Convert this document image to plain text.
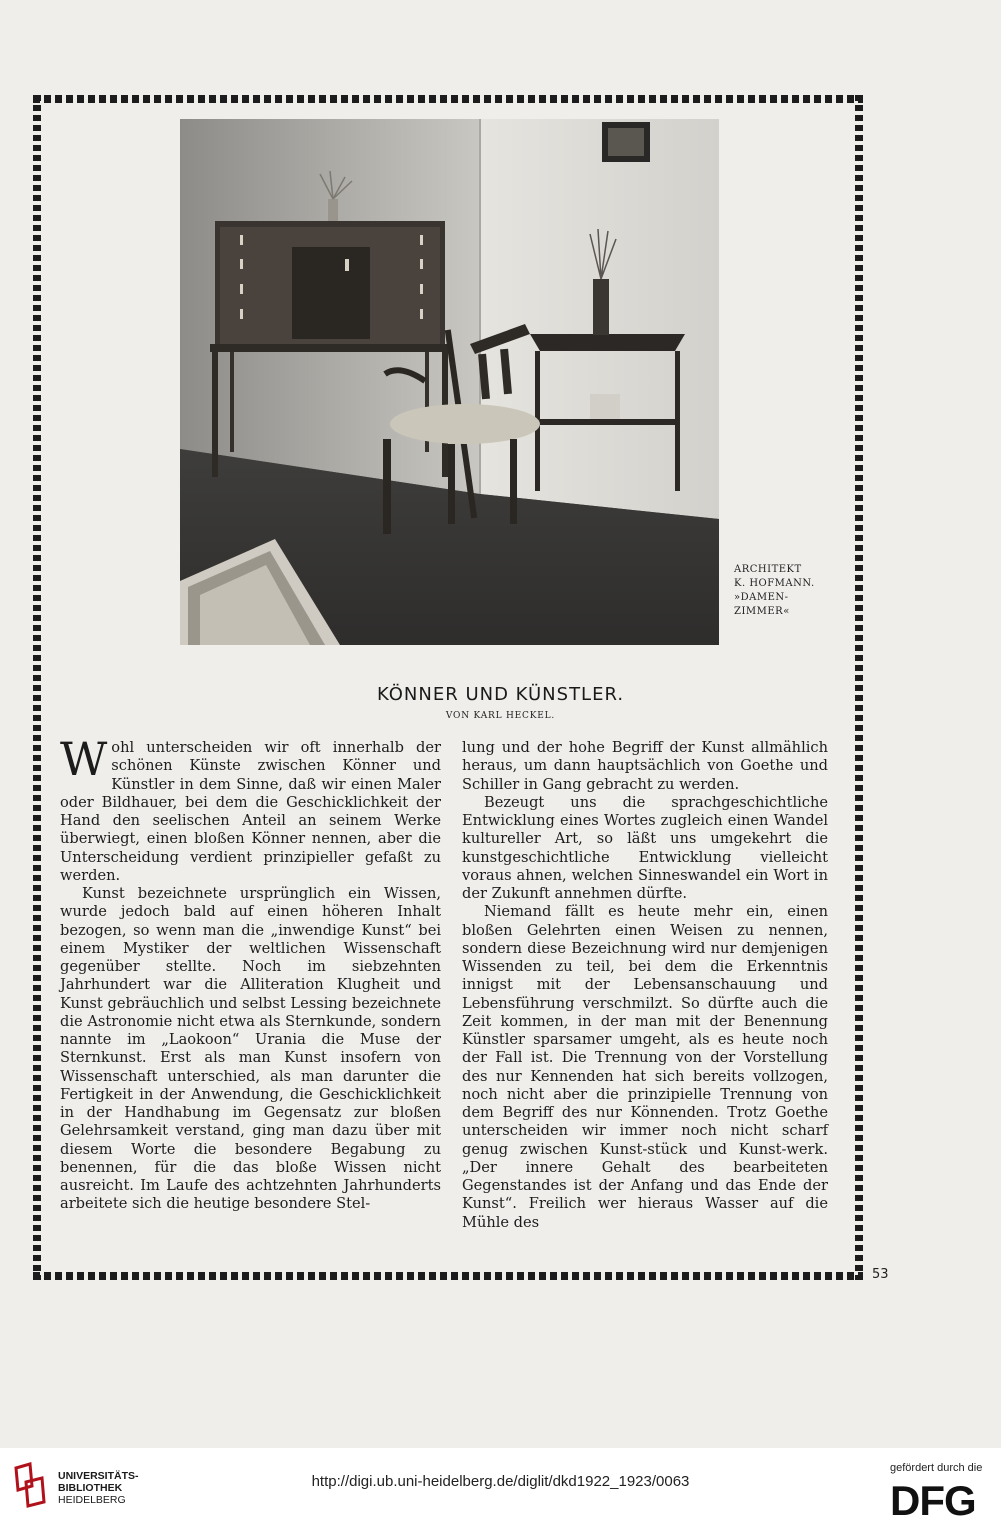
ARCHITEKT
K. HOFMANN.
»DAMEN-
ZIMMER«
KÖNNER UND KÜNSTLER.
VON KARL HECKEL.

Wohl unterscheiden wir oft innerhalb der schönen Künste zwischen Könner und Künstler in dem Sinne, daß wir einen Maler oder Bildhauer, bei dem die Geschicklichkeit der Hand den seelischen Anteil an seinem Werke überwiegt, einen bloßen Könner nennen, aber die Unterscheidung verdient prinzipieller gefaßt zu werden.

Kunst bezeichnete ursprünglich ein Wissen, wurde jedoch bald auf einen höheren Inhalt bezogen, so wenn man die „inwendige Kunst“ bei einem Mystiker der weltlichen Wissenschaft gegenüber stellte. Noch im siebzehnten Jahrhundert war die Alliteration Klugheit und Kunst gebräuchlich und selbst Lessing bezeichnete die Astronomie nicht etwa als Sternkunde, sondern nannte im „Laokoon“ Urania die Muse der Sternkunst. Erst als man Kunst insofern von Wissenschaft unterschied, als man darunter die Fertigkeit in der Anwendung, die Geschicklichkeit in der Handhabung im Gegensatz zur bloßen Gelehrsamkeit verstand, ging man dazu über mit diesem Worte die besondere Begabung zu benennen, für die das bloße Wissen nicht ausreicht. Im Laufe des achtzehnten Jahrhunderts arbeitete sich die heutige besondere Stel-

lung und der hohe Begriff der Kunst allmählich heraus, um dann hauptsächlich von Goethe und Schiller in Gang gebracht zu werden.

Bezeugt uns die sprachgeschichtliche Entwicklung eines Wortes zugleich einen Wandel kultureller Art, so läßt uns umgekehrt die kunstgeschichtliche Entwicklung vielleicht voraus ahnen, welchen Sinneswandel ein Wort in der Zukunft annehmen dürfte.

Niemand fällt es heute mehr ein, einen bloßen Gelehrten einen Weisen zu nennen, sondern diese Bezeichnung wird nur demjenigen Wissenden zu teil, bei dem die Erkenntnis innigst mit der Lebensanschauung und Lebensführung verschmilzt. So dürfte auch die Zeit kommen, in der man mit der Benennung Künstler sparsamer umgeht, als es heute noch der Fall ist. Die Trennung von der Vorstellung des nur Kennenden hat sich bereits vollzogen, noch nicht aber die prinzipielle Trennung von dem Begriff des nur Könnenden. Trotz Goethe unterscheiden wir immer noch nicht scharf genug zwischen Kunst-stück und Kunst-werk. „Der innere Gehalt des bearbeiteten Gegenstandes ist der Anfang und das Ende der Kunst“. Freilich wer hieraus Wasser auf die Mühle des

53
UNIVERSITÄTS-
BIBLIOTHEK
HEIDELBERG
http://digi.ub.uni-heidelberg.de/diglit/dkd1922_1923/0063
gefördert durch die
DFG
